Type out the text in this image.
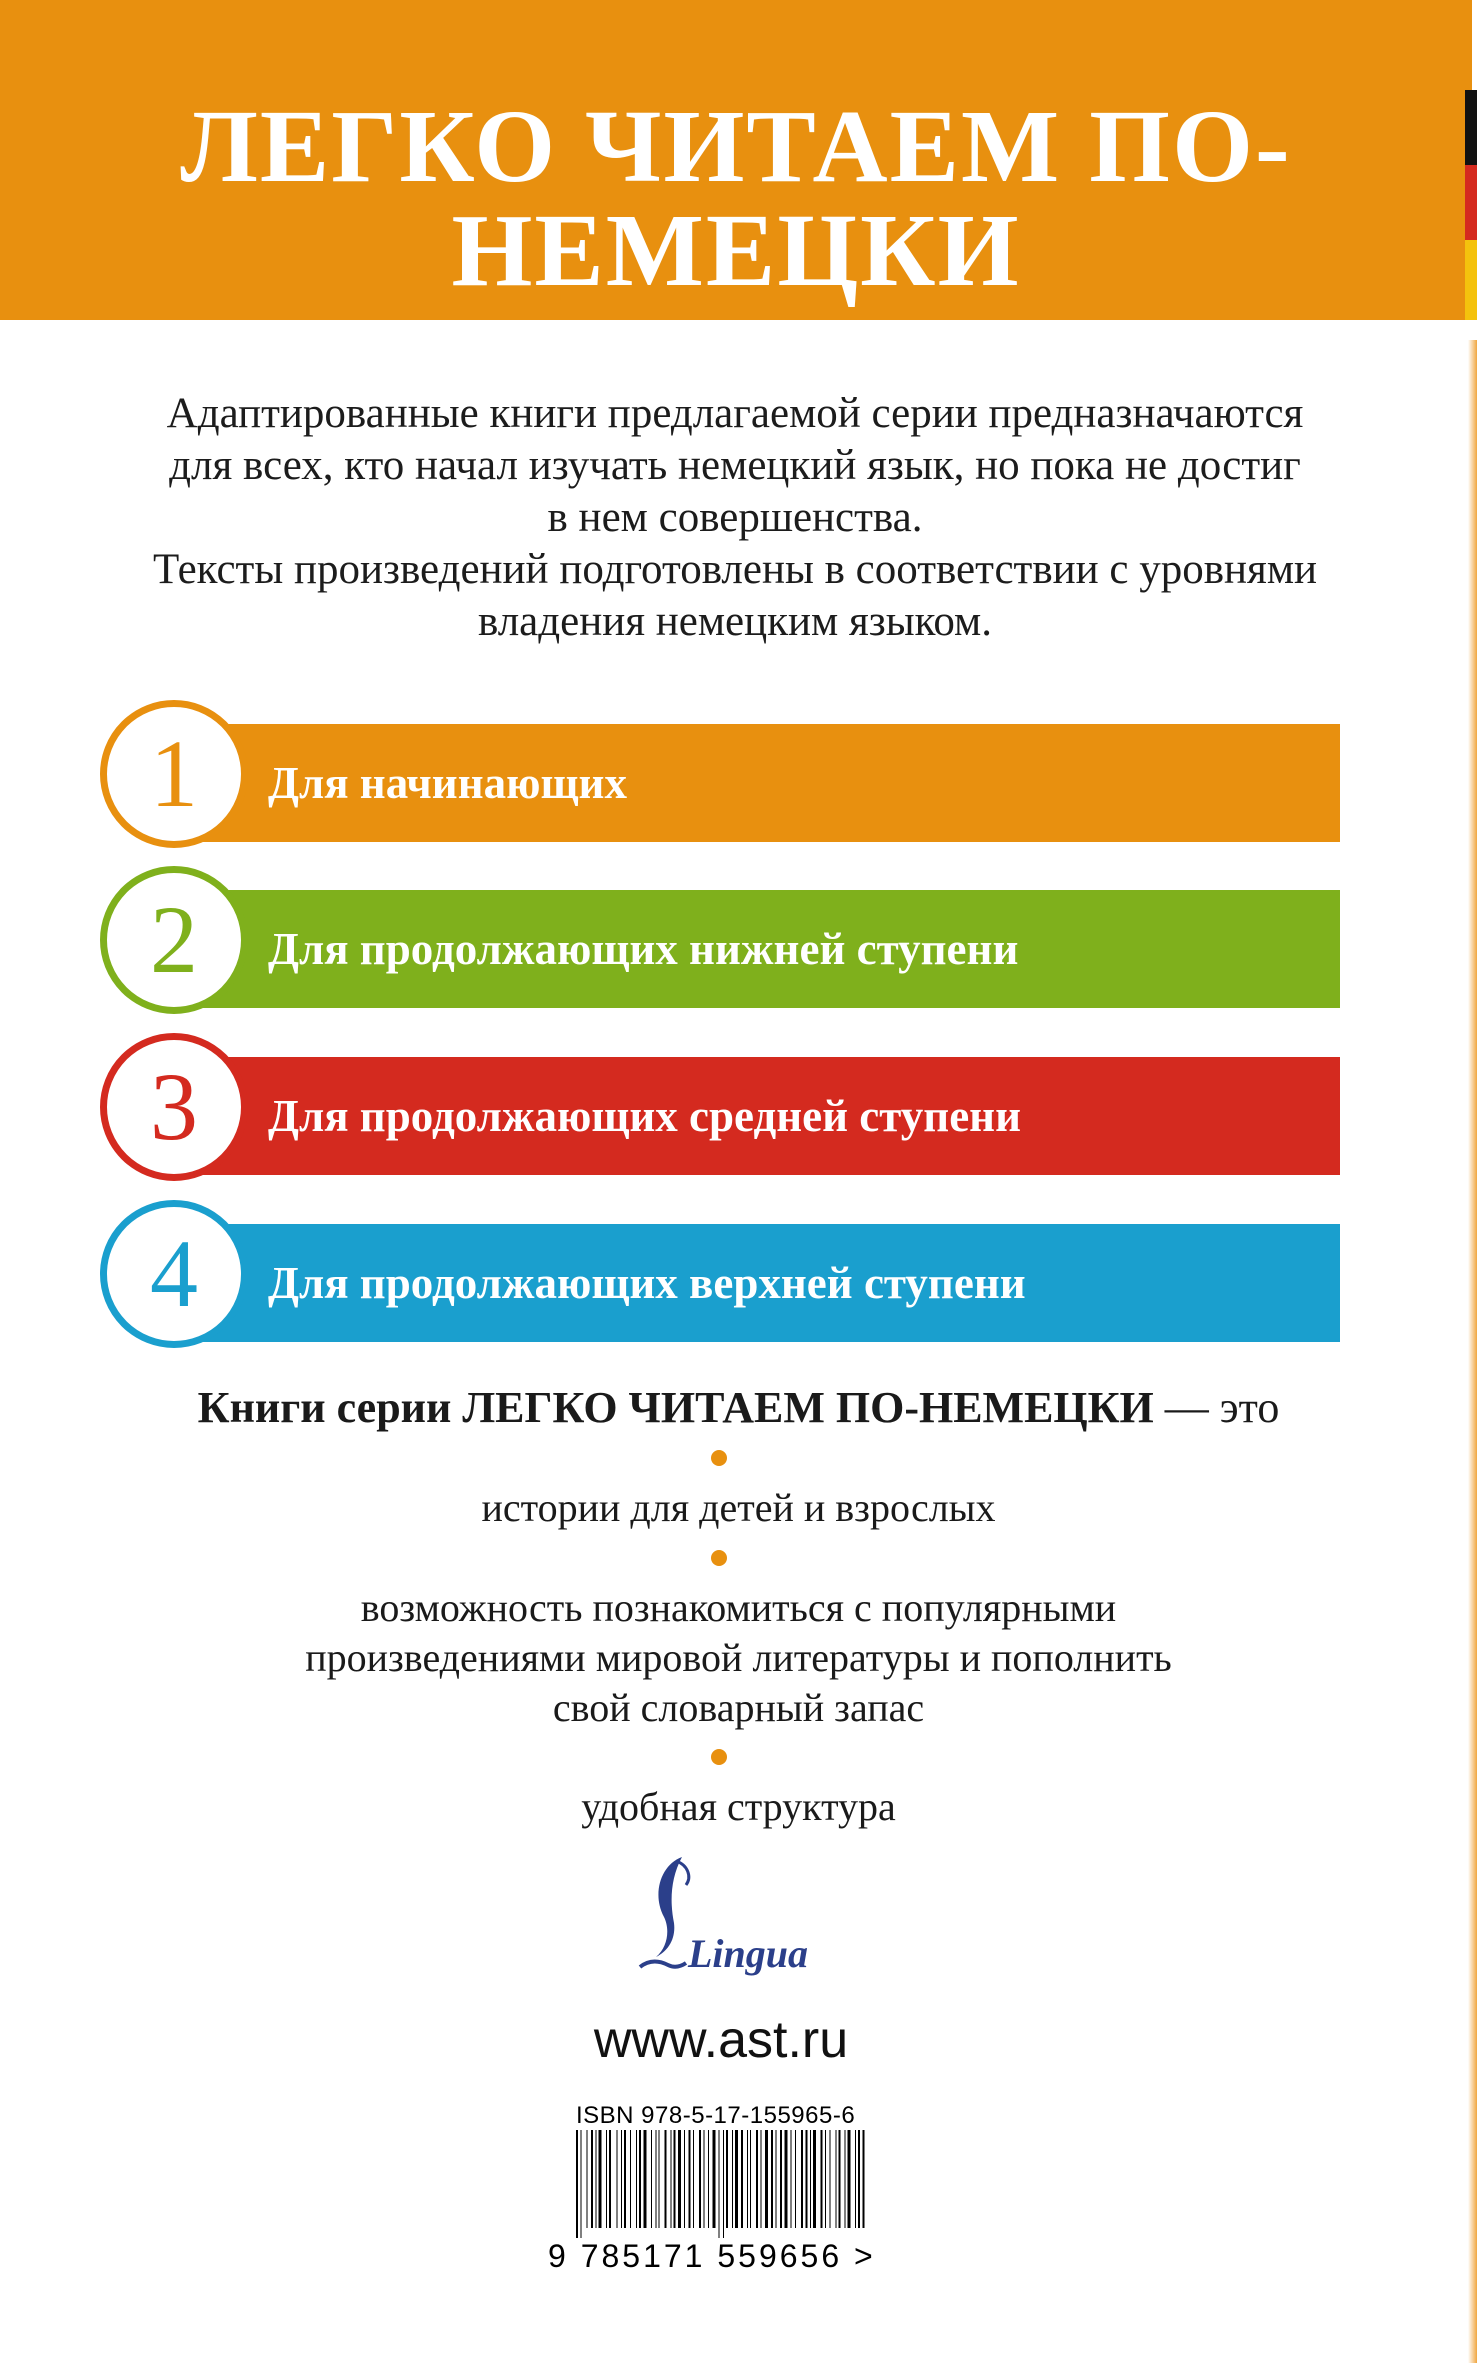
ЛЕГКО ЧИТАЕМ ПО-НЕМЕЦКИ

Адаптированные книги предлагаемой серии предназначаются

для всех, кто начал изучать немецкий язык, но пока не достиг

в нем совершенства.

Тексты произведений подготовлены в соответствии с уровнями

владения немецким языком.

1	Для начинающих
2	Для продолжающих нижней ступени
3	Для продолжающих средней ступени
4	Для продолжающих верхней ступени
Книги серии ЛЕГКО ЧИТАЕМ ПО-НЕМЕЦКИ — это
истории для детей и взрослых
возможность познакомиться с популярными
произведениями мировой литературы и пополнить
свой словарный запас
удобная структура
Lingua
www.ast.ru
ISBN 978-5-17-155965-6
9 785171 559656 >
